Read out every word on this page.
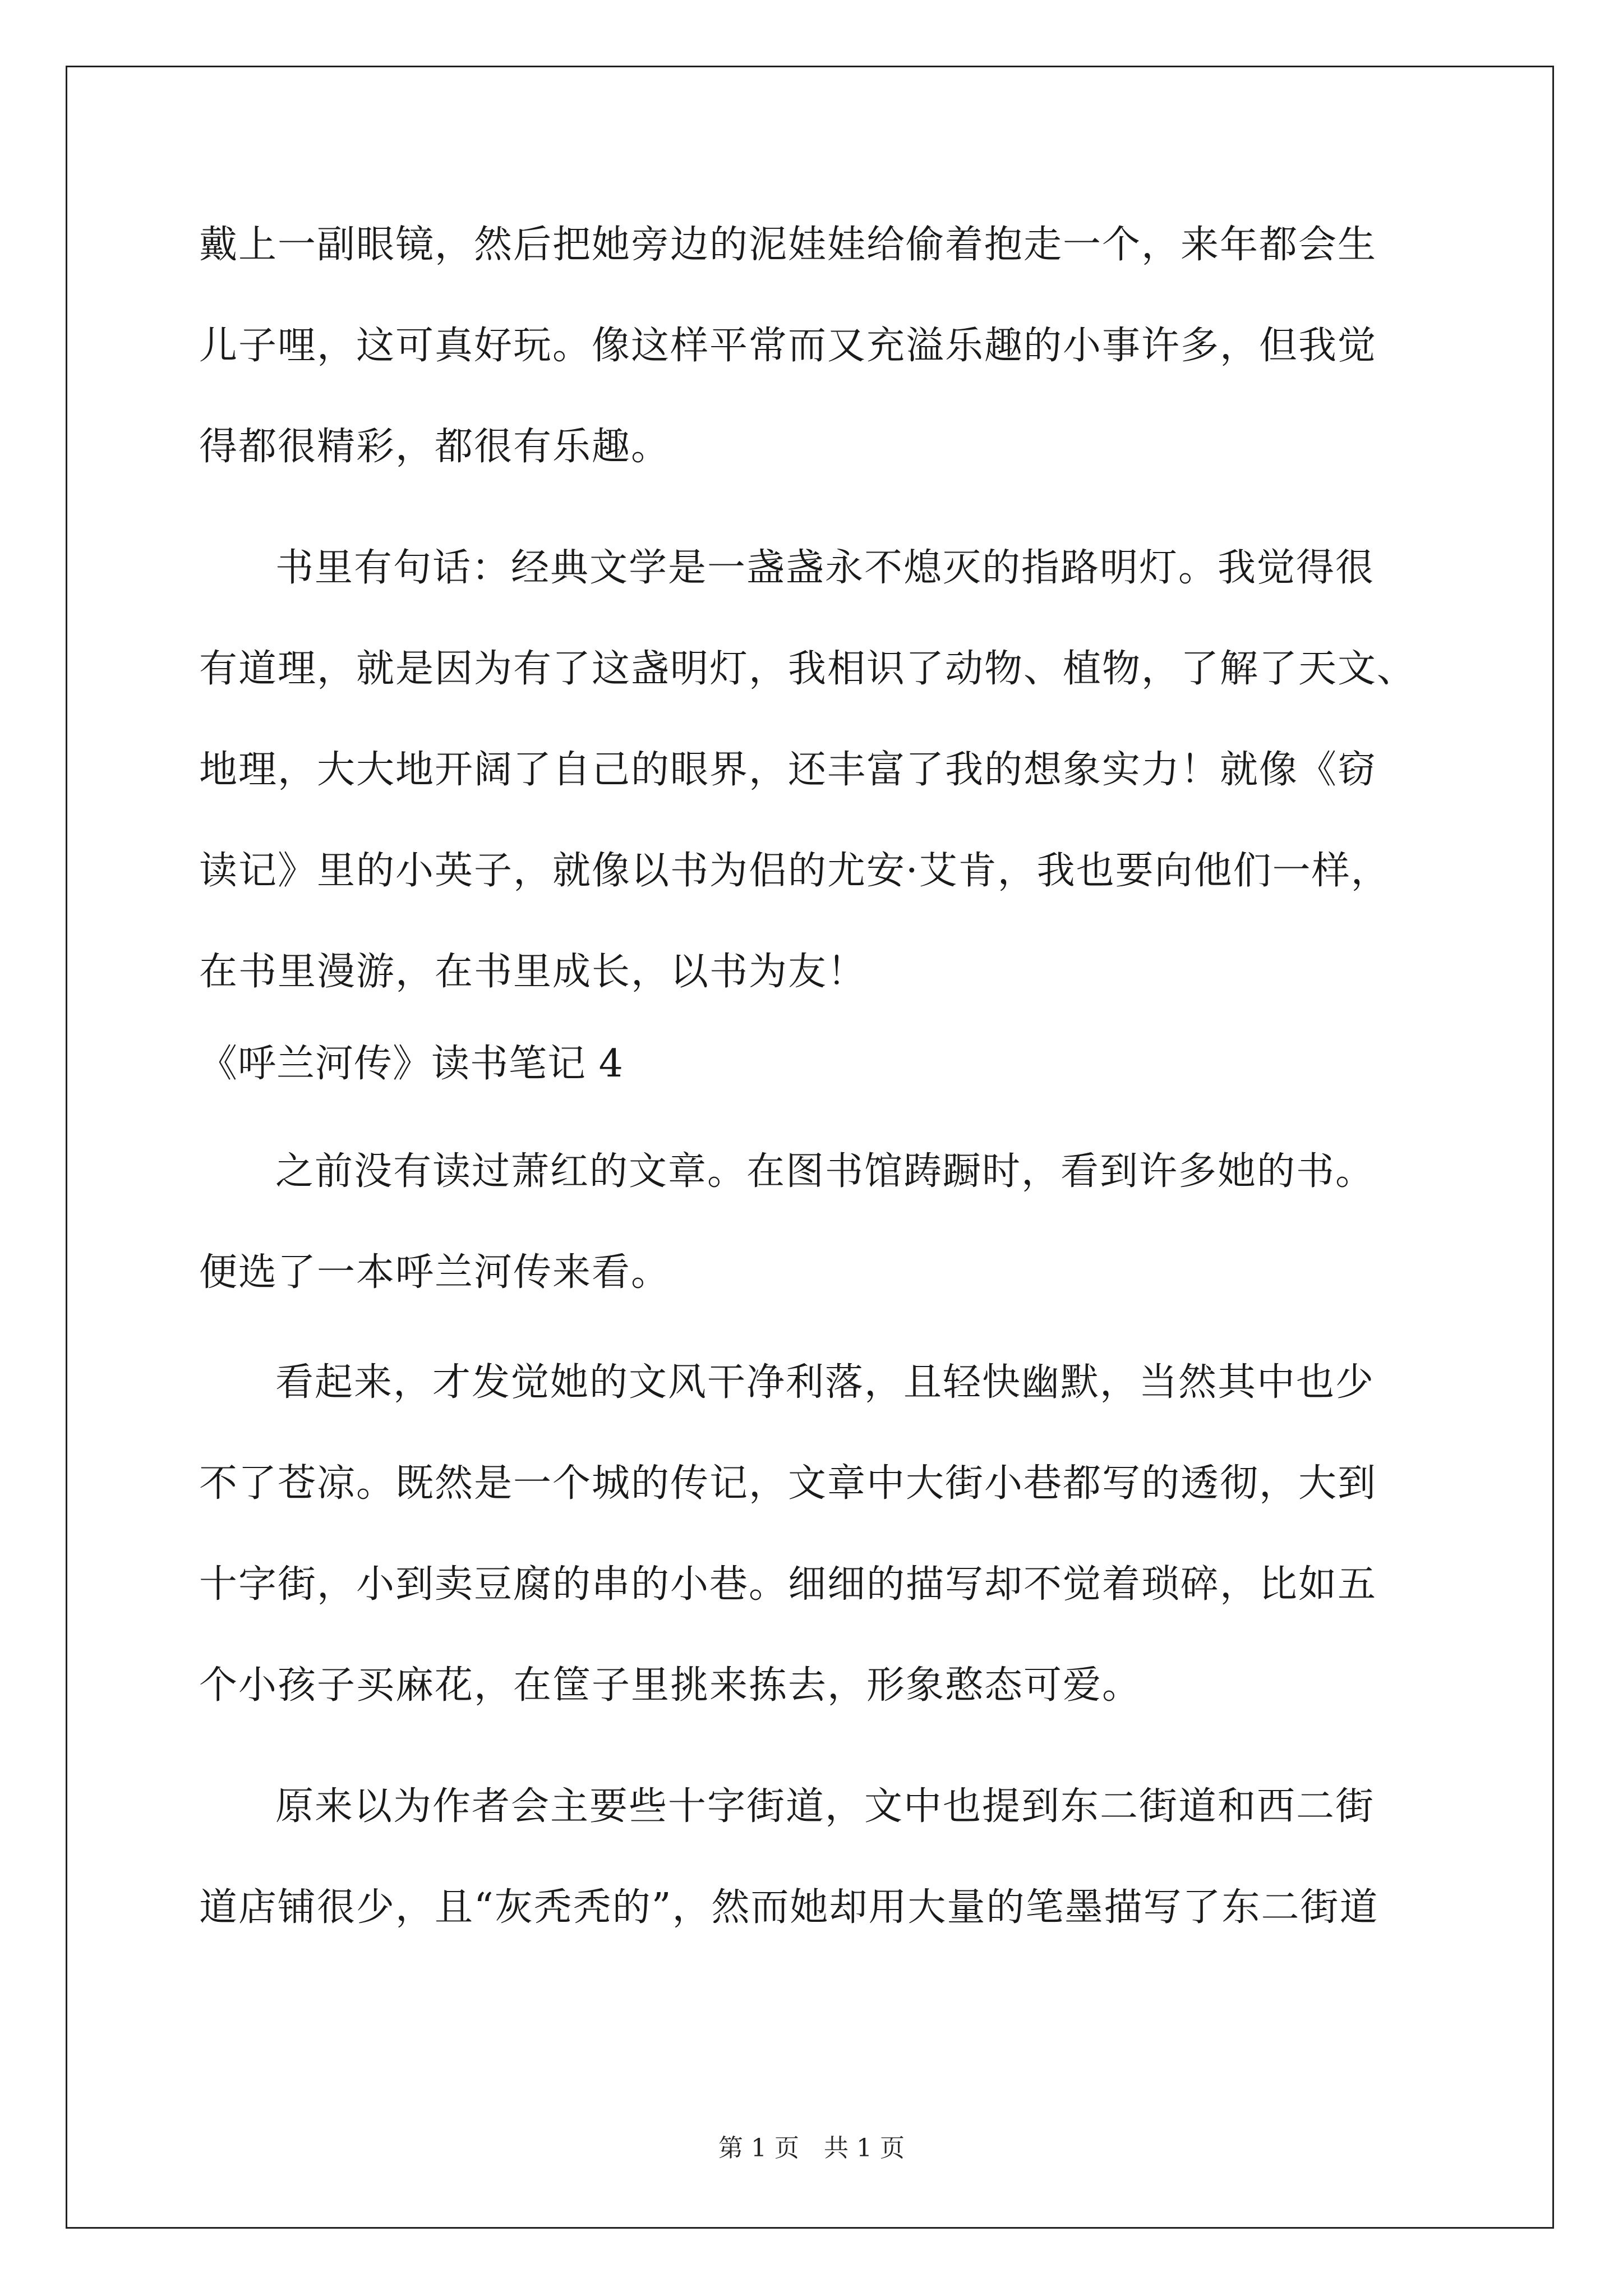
戴上一副眼镜，然后把她旁边的泥娃娃给偷着抱走一个，来年都会生
儿子哩，这可真好玩。像这样平常而又充溢乐趣的小事许多，但我觉
得都很精彩，都很有乐趣。
书里有句话：经典文学是一盏盏永不熄灭的指路明灯。我觉得很
有道理，就是因为有了这盏明灯，我相识了动物、植物，了解了天文、
地理，大大地开阔了自己的眼界，还丰富了我的想象实力！就像《窃
读记》里的小英子，就像以书为侣的尤安·艾肯，我也要向他们一样，
在书里漫游，在书里成长，以书为友！
《呼兰河传》读书笔记 4
之前没有读过萧红的文章。在图书馆踌蹰时，看到许多她的书。
便选了一本呼兰河传来看。
看起来，才发觉她的文风干净利落，且轻快幽默，当然其中也少
不了苍凉。既然是一个城的传记，文章中大街小巷都写的透彻，大到
十字街，小到卖豆腐的串的小巷。细细的描写却不觉着琐碎，比如五
个小孩子买麻花，在筐子里挑来拣去，形象憨态可爱。
原来以为作者会主要些十字街道，文中也提到东二街道和西二街
道店铺很少，且“灰秃秃的”，然而她却用大量的笔墨描写了东二街道
第 1 页 共 1 页
